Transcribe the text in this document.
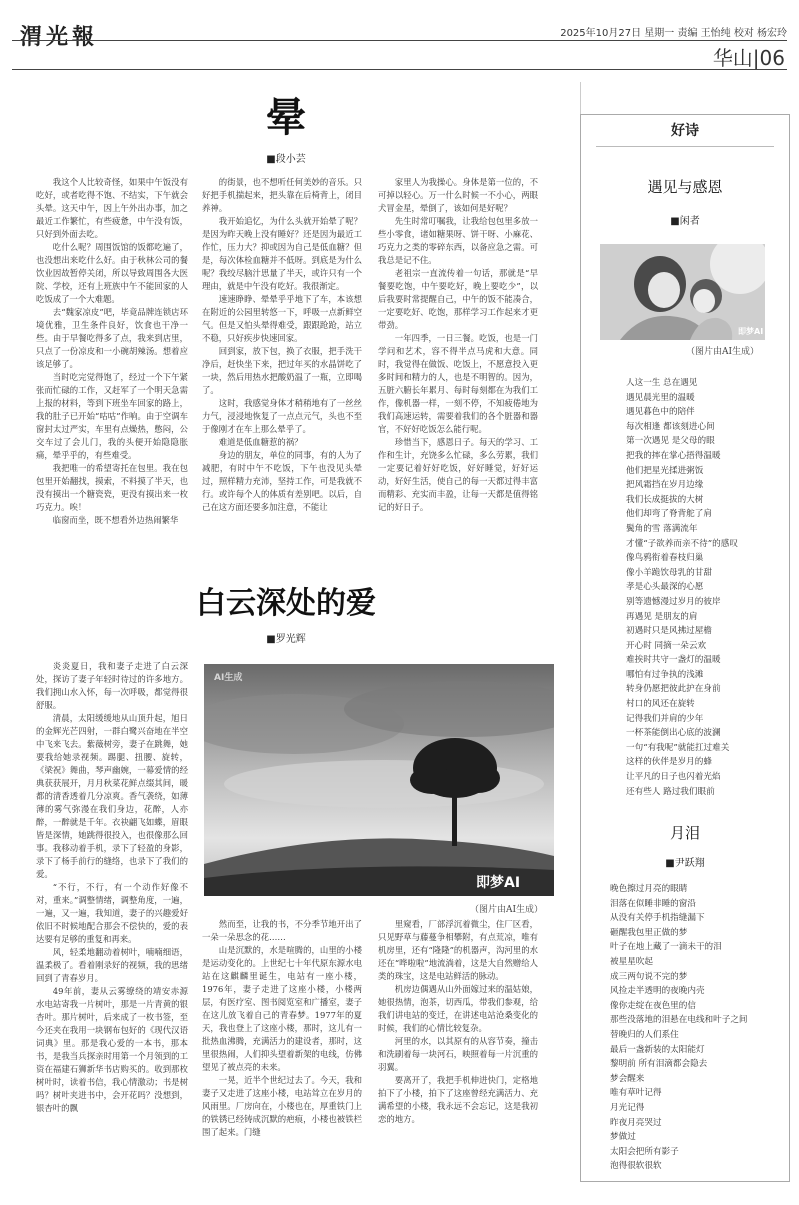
渭光報	2025年10月27日 星期一 责编 王怡纯 校对 杨宏玲
华山|06
晕
■段小芸

我这个人比较奇怪，如果中午饭没有吃好，或者吃得不饱、不结实，下午就会头晕。这天中午，因上午外出办事，加之最近工作繁忙，有些疲惫，中午没有饭，只好到外面去吃。

吃什么呢？周围饭馆的饭都吃遍了，也没想出来吃什么好。由于秋林公司的餐饮业因故暂停关闭，所以导致周围各大医院、学校，还有上班族中午不能回家的人吃饭成了一个大难题。

去“魏家凉皮”吧，毕竟品牌连锁店环境优雅，卫生条件良好，饮食也干净一些。由于早餐吃得多了点，我来到店里，只点了一份凉皮和一小碗胡辣汤。想着应该足够了。

当时吃完觉得饱了，经过一个下午紧张而忙碌的工作，又赶军了一个明天急需上报的材料，等到下班坐车回家的路上，我的肚子已开始“咕咕”作响。由于空调车窗封太过严实，车里有点燥热，憋闷，公交车过了会儿门，我的头便开始隐隐胀痛，晕乎乎的，有些难受。

我把唯一的希望寄托在包里。我在包包里开始翻找，摸索，不料摸了半天，也没有摸出一个糖瓷瓷，更没有摸出来一枚巧克力。唉！

临窗而坐，既不想看外边热闹繁华

的街景，也不想听任何美妙的音乐。只好把手机揣起来，把头靠在后椅背上，闭目养神。

我开始追忆，为什么头就开始晕了呢？是因为昨天晚上没有睡好？还是因为最近工作忙，压力大？抑或因为自己是低血糖？但是，每次体检血糖并不低呀。到底是为什么呢？我绞尽脑汁思量了半天，或许只有一个理由，就是中午没有吃好。我很渐定。

速速睁睁、晕晕乎乎地下了车，本该想在附近的公园里转悠一下，呼吸一点新鲜空气。但是又怕头晕得难受，跟跟跄跄，站立不稳，只好疾步快速回家。

回到家，放下包，换了衣服，把手洗干净后，赶快坐下来，把过年买的水晶饼吃了一块，然后用热水把酸奶温了一瓶，立即喝了。

这时，我感觉身体才稍稍地有了一丝丝力气，浸浸地恢复了一点点元气，头也不至于像刚才在车上那么晕乎了。

难道是低血糖惹的祸？

身边的朋友，单位的同事，有的人为了减肥，有时中午不吃饭，下午也没见头晕过，照样精力充沛，坚持工作，可是我就不行。或许每个人的体质有差别吧。以后，自己在这方面还要多加注意，不能让

家里人为我操心。身体是第一位的，不可掉以轻心。万一什么时候一不小心，两眼犬冒金星，晕倒了，该如何是好呢？

先生时常叮嘱我，让我给包包里多放一些小零食，诸如糖果呀、饼干呀、小麻花、巧克力之类的零碎东西，以备应急之需。可我总是记不住。

老祖宗一直流传着一句话，那就是“早餐要吃饱，中午要吃好，晚上要吃少”，以后我要时常提醒自己，中午的饭不能凑合，一定要吃好、吃饱，那样学习工作起来才更带劲。

一年四季，一日三餐。吃饭，也是一门学问和艺术，容不得半点马虎和大意。同时，我觉得在做饭、吃饭上，不愿意投入更多时间和精力的人，也是不明智的。因为，五脏六腑长年累月、每时每刻都在为我们工作，像机器一样，一刻不停，不知疲倦地为我们高速运转，需要着我们的各个脏器和器官，不好好吃饭怎么能行呢。

珍惜当下，感恩日子。每天的学习、工作和生计，充饶多么忙碌，多么劳累，我们一定要记着好好吃饭，好好睡觉，好好运动，好好生活，使自己的每一天都过得丰富而精彩、充实而丰盈，让每一天都是值得铭记的好日子。

白云深处的爱
■罗光辉

炎炎夏日，我和妻子走进了白云深处，探访了妻子年轻时待过的许多地方。我们拥山水入怀，每一次呼吸，都觉得很舒服。

清晨，太阳缓缓地从山顶升起，旭日的金辉光芒四射，一群白鹭兴奋地在半空中飞来飞去。紫薇树旁，妻子在跳舞，她要我给她录视频。踢腿、扭腰、旋转，《梁祝》舞曲，琴声幽婉，一幕爱情的经典获获展开，月月秋菜花鲜点缀其间，暖都的清香透着几分凉爽。香气袭绕，如薄薄的雾气弥漫在我们身边，花醉，人亦醉，一醉就是千年。衣袂翩飞如蝶，眉眼皆是深情，她跳得很投入，也很像那么回事。我移动着手机，录下了轻盈的身影，录下了杨手前行的缝络，也录下了我们的爱。

“不行，不行，有一个动作好像不对，重来。”调整情绪，调整角度，一遍，一遍，又一遍，我知道，妻子的兴趣爱好依旧不时候地配合那会不偿快的，爱的表达要有足够的重复和再来。

风，轻柔地翻动着树叶，喃喃细语，温柔极了。看着刚录好的视频，我的思绪回到了青春岁月。

49年前，妻从云雾缭绕的靖安赤源水电站寄我一片树叶，那是一片青黄的银杏叶。那片树叶，后来成了一枚书签，至今还夹在我用一块钢布包好的《现代汉语词典》里。那是我心爱的一本书，那本书，是我当兵探亲时用第一个月领到的工资在福建石狮新华书店购买的。收到那枚树叶时，读着书信，我心情激动；书是树吗？树叶夹进书中，会开花吗？没想到，银杏叶的飘

AI生成
即梦AI
（图片由AI生成）

然而至，让我的书，不分季节地开出了一朵一朵思念的花……

山是沉默的，水是喧腾的，山里的小楼是运动变化的。上世纪七十年代原东源水电站在这麒麟里诞生，电站有一座小楼，1976年，妻子走进了这座小楼，小楼两层，有医疗室、图书阅览室和广播室，妻子在这儿放飞着自己的青春梦。1977年的夏天，我也登上了这座小楼，那时，这儿有一批热血沸腾，充满活力的建设者，那时，这里很热闹，人们抑头望着新架的电线，仿佛望见了被点亮的未来。

一晃，近半个世纪过去了。今天，我和妻子又走进了这座小楼，电站耸立在岁月的风雨里。厂房向在，小楼也在，厚重铁门上的铁锈已经铸成沉默的疤痕，小楼也被铁栏围了起来。门缝

里窥看，厂部浮沉着微尘，住厂区看，只见野草与藤蔓争相攀附，有点荒凉，唯有机房里，还有“隆隆”的机器声，沟河里的水还在“哗啦啦”地流淌着，这是大自然赠给人类的珠宝，这是电站鲜活的脉动。

机房边偶遇从山外面嫁过来的温姑娘，她很热情，泡茶，切西瓜，带我们参观，给我们讲电站的变迁，在讲述电站沧桑变化的时候，我们的心情比较复杂。

河里的水，以其原有的从容节奏，撞击和洗刷着每一块河石，映照着每一片沉重的羽翼。

要离开了，我把手机伸进快门，定格地拍下了小楼，拍下了这座曾经充满活力、充满希望的小楼，我永远不会忘记，这是我初恋的地方。

好诗
遇见与感恩
■闲者
即梦AI
（图片由AI生成）
人这一生 总在遇见
遇见晨光里的温暖
遇见暮色中的陪伴
每次相逢 都该刻进心间
第一次遇见 是父母的眼
把我的摔在掌心捂得温暖
他们把星光揉进粥饭
把风霜挡在岁月边缘
我们长成挺拔的大树
他们却弯了脊背舵了肩
鬓角的雪 落满流年
才懂“子欲养而亲不待”的感叹
像鸟鸦衔着春枝归巢
像小羊跪饮母乳的甘甜
孝是心头最深的心愿
别等遗憾漫过岁月的彼岸
再遇见 是朋友的肩
初遇时只是风拂过屋檐
开心时 同摘一朵云欢
难挨时共守一盏灯的温暖
哪怕有过争执的浅滩
转身仍愿把彼此护在身前
村口的风还在旋转
记得我们并肩的少年
一杯茶能倒出心底的波澜
一句“有我呢”就能扛过难关
这样的伙伴是岁月的蜂
让平凡的日子也闪着光焰
还有些人 路过我们眼前
月泪
■尹跃翔
晚色擦过月亮的眼睛
泪落在似睡非睡的窗沿
从没有关停手机指缝漏下
砸醒我包里正做的梦
叶子在地上藏了一滴未干的泪
被星星吹起
成三两句说不完的梦
风捡走半透明的夜晚内壳
像你走绽在夜色里的信
那些没落地的泪悬在电线和叶子之间
替晚归的人们系住
最后一盏新装的太阳能灯
黎明前 所有泪滴都会隐去
梦会醒来
唯有草叶记得
月光记得
昨夜月亮哭过
梦做过
太阳会把所有影子
泡得很软很软
